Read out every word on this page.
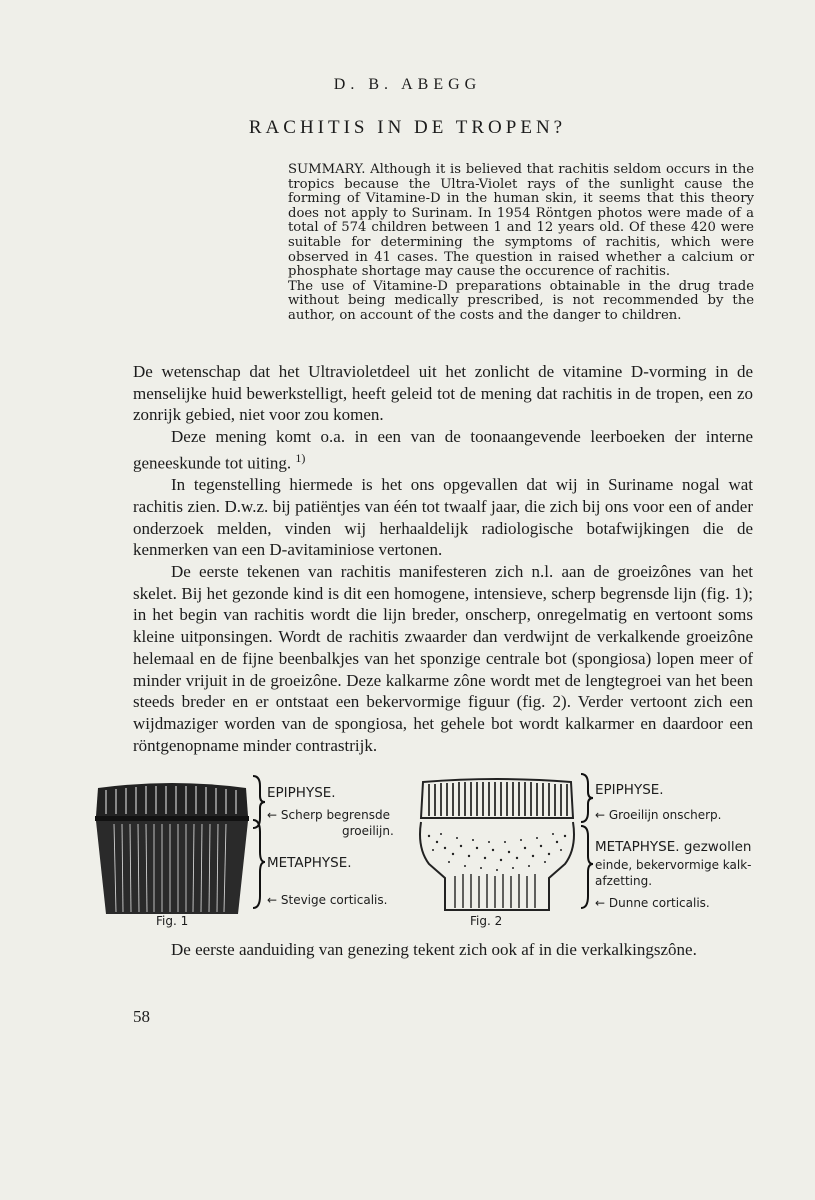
D. B. ABEGG
RACHITIS IN DE TROPEN?

SUMMARY. Although it is believed that rachitis seldom occurs in the tropics because the Ultra-Violet rays of the sunlight cause the forming of Vitamine-D in the human skin, it seems that this theory does not apply to Surinam. In 1954 Röntgen photos were made of a total of 574 children between 1 and 12 years old. Of these 420 were suitable for determining the symptoms of rachitis, which were observed in 41 cases. The question in raised whether a calcium or phosphate shortage may cause the occurence of rachitis.

The use of Vitamine-D preparations obtainable in the drug trade without being medically prescribed, is not recommended by the author, on account of the costs and the danger to children.

De wetenschap dat het Ultravioletdeel uit het zonlicht de vitamine D-vorming in de menselijke huid bewerkstelligt, heeft geleid tot de mening dat rachitis in de tropen, een zo zonrijk gebied, niet voor zou komen.

Deze mening komt o.a. in een van de toonaangevende leerboeken der interne geneeskunde tot uiting. $^{1)}$

In tegenstelling hiermede is het ons opgevallen dat wij in Suriname nogal wat rachitis zien. D.w.z. bij patiëntjes van één tot twaalf jaar, die zich bij ons voor een of ander onderzoek melden, vinden wij herhaaldelijk radiologische botafwijkingen die de kenmerken van een D-avitaminiose vertonen.

De eerste tekenen van rachitis manifesteren zich n.l. aan de groeizônes van het skelet. Bij het gezonde kind is dit een homogene, intensieve, scherp begrensde lijn (fig. 1); in het begin van rachitis wordt die lijn breder, onscherp, onregelmatig en vertoont soms kleine uitponsingen. Wordt de rachitis zwaarder dan verdwijnt de verkalkende groeizône helemaal en de fijne beenbalkjes van het sponzige centrale bot (spongiosa) lopen meer of minder vrijuit in de groeizône. Deze kalkarme zône wordt met de lengtegroei van het been steeds breder en er ontstaat een bekervormige figuur (fig. 2). Verder vertoont zich een wijdmaziger worden van de spongiosa, het gehele bot wordt kalkarmer en daardoor een röntgenopname minder contrastrijk.

EPIPHYSE.
← Scherp begrensde
groeilijn.
METAPHYSE.
← Stevige corticalis.
Fig. 1
EPIPHYSE.
← Groeilijn onscherp.
METAPHYSE. gezwollen
einde, bekervormige kalk-
afzetting.
← Dunne corticalis.
Fig. 2

De eerste aanduiding van genezing tekent zich ook af in die verkalkingszône.

58
